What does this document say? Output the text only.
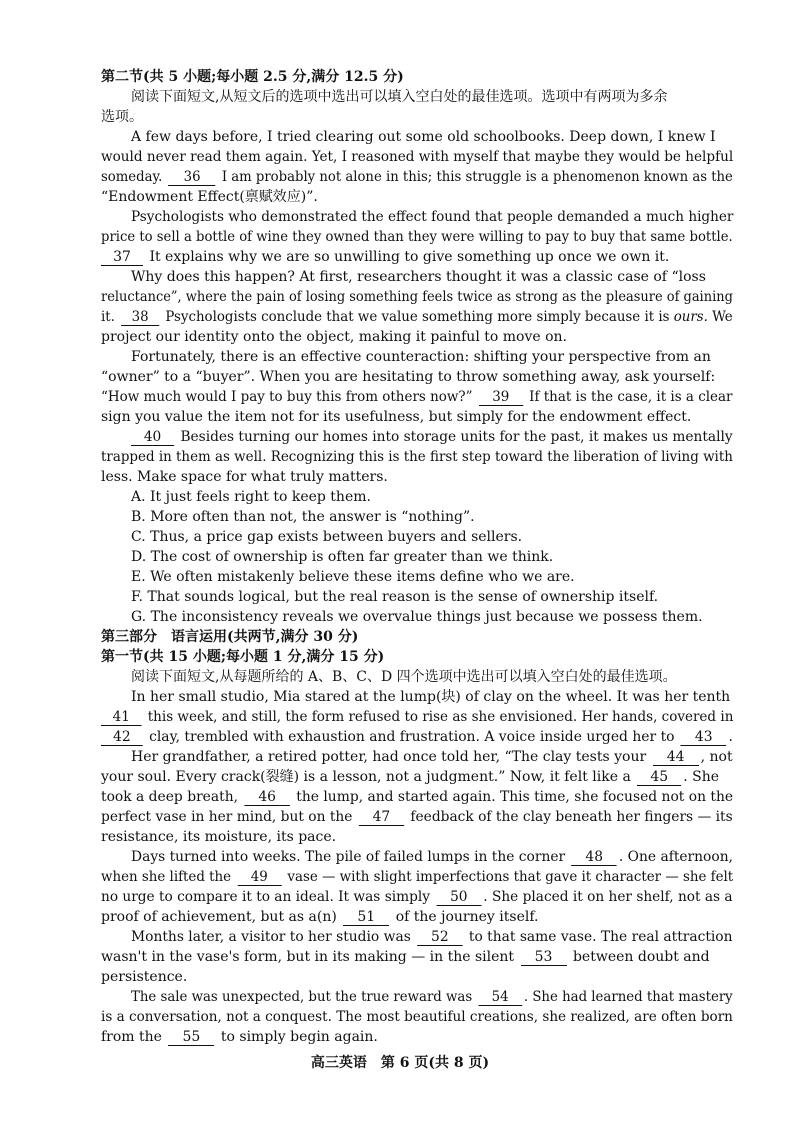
第二节(共 5 小题;每小题 2.5 分,满分 12.5 分)
阅读下面短文,从短文后的选项中选出可以填入空白处的最佳选项。选项中有两项为多余
选项。
A few days before, I tried clearing out some old schoolbooks. Deep down, I knew I
would never read them again. Yet, I reasoned with myself that maybe they would be helpful
someday. 36 I am probably not alone in this; this struggle is a phenomenon known as the
“Endowment Effect(禀赋效应)”.
Psychologists who demonstrated the effect found that people demanded a much higher
price to sell a bottle of wine they owned than they were willing to pay to buy that same bottle.
37 It explains why we are so unwilling to give something up once we own it.
Why does this happen? At first, researchers thought it was a classic case of “loss
reluctance”, where the pain of losing something feels twice as strong as the pleasure of gaining
it. 38 Psychologists conclude that we value something more simply because it is ours. We
project our identity onto the object, making it painful to move on.
Fortunately, there is an effective counteraction: shifting your perspective from an
“owner” to a “buyer”. When you are hesitating to throw something away, ask yourself:
“How much would I pay to buy this from others now?” 39 If that is the case, it is a clear
sign you value the item not for its usefulness, but simply for the endowment effect.
40 Besides turning our homes into storage units for the past, it makes us mentally
trapped in them as well. Recognizing this is the first step toward the liberation of living with
less. Make space for what truly matters.
A. It just feels right to keep them.
B. More often than not, the answer is “nothing”.
C. Thus, a price gap exists between buyers and sellers.
D. The cost of ownership is often far greater than we think.
E. We often mistakenly believe these items define who we are.
F. That sounds logical, but the real reason is the sense of ownership itself.
G. The inconsistency reveals we overvalue things just because we possess them.
第三部分　语言运用(共两节,满分 30 分)
第一节(共 15 小题;每小题 1 分,满分 15 分)
阅读下面短文,从每题所给的 A、B、C、D 四个选项中选出可以填入空白处的最佳选项。
In her small studio, Mia stared at the lump(块) of clay on the wheel. It was her tenth
41 this week, and still, the form refused to rise as she envisioned. Her hands, covered in
42 clay, trembled with exhaustion and frustration. A voice inside urged her to 43 .
Her grandfather, a retired potter, had once told her, “The clay tests your 44 , not
your soul. Every crack(裂缝) is a lesson, not a judgment.” Now, it felt like a 45 . She
took a deep breath, 46 the lump, and started again. This time, she focused not on the
perfect vase in her mind, but on the 47 feedback of the clay beneath her fingers — its
resistance, its moisture, its pace.
Days turned into weeks. The pile of failed lumps in the corner 48 . One afternoon,
when she lifted the 49 vase — with slight imperfections that gave it character — she felt
no urge to compare it to an ideal. It was simply 50 . She placed it on her shelf, not as a
proof of achievement, but as a(n) 51 of the journey itself.
Months later, a visitor to her studio was 52 to that same vase. The real attraction
wasn't in the vase's form, but in its making — in the silent 53 between doubt and
persistence.
The sale was unexpected, but the true reward was 54 . She had learned that mastery
is a conversation, not a conquest. The most beautiful creations, she realized, are often born
from the 55 to simply begin again.
高三英语　第 6 页(共 8 页)
